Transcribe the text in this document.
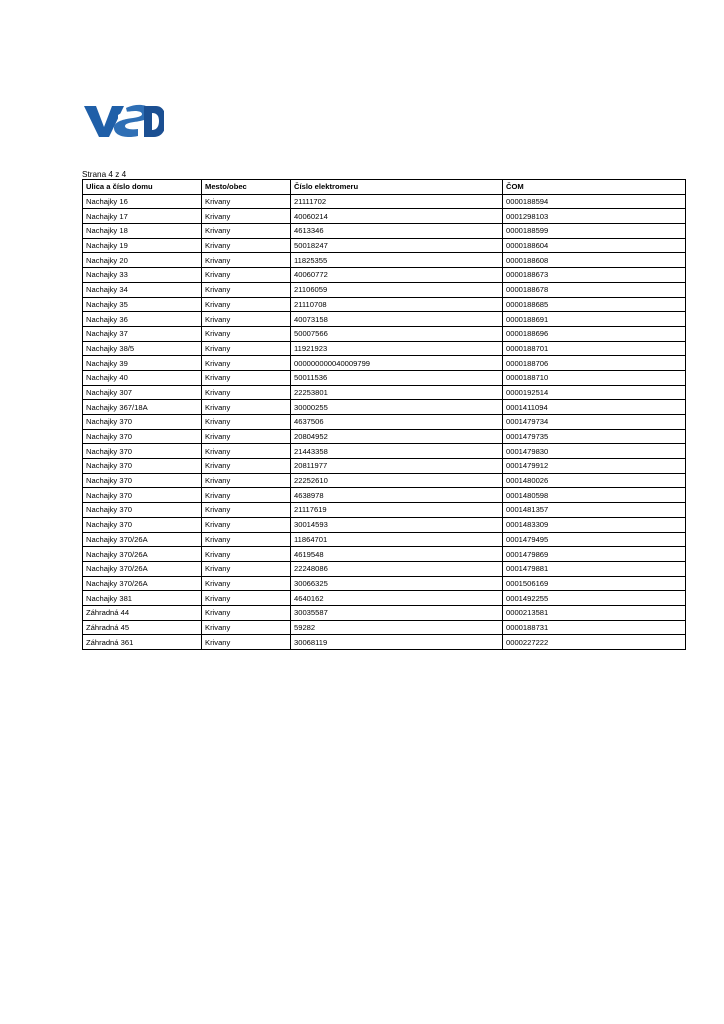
Strana 4 z 4
Ulica a číslo domu	Mesto/obec	Číslo elektromeru	ČOM
Nachajky 16	Krivany	21111702	0000188594
Nachajky 17	Krivany	40060214	0001298103
Nachajky 18	Krivany	4613346	0000188599
Nachajky 19	Krivany	50018247	0000188604
Nachajky 20	Krivany	11825355	0000188608
Nachajky 33	Krivany	40060772	0000188673
Nachajky 34	Krivany	21106059	0000188678
Nachajky 35	Krivany	21110708	0000188685
Nachajky 36	Krivany	40073158	0000188691
Nachajky 37	Krivany	50007566	0000188696
Nachajky 38/5	Krivany	11921923	0000188701
Nachajky 39	Krivany	000000000040009799	0000188706
Nachajky 40	Krivany	50011536	0000188710
Nachajky 307	Krivany	22253801	0000192514
Nachajky 367/18A	Krivany	30000255	0001411094
Nachajky 370	Krivany	4637506	0001479734
Nachajky 370	Krivany	20804952	0001479735
Nachajky 370	Krivany	21443358	0001479830
Nachajky 370	Krivany	20811977	0001479912
Nachajky 370	Krivany	22252610	0001480026
Nachajky 370	Krivany	4638978	0001480598
Nachajky 370	Krivany	21117619	0001481357
Nachajky 370	Krivany	30014593	0001483309
Nachajky 370/26A	Krivany	11864701	0001479495
Nachajky 370/26A	Krivany	4619548	0001479869
Nachajky 370/26A	Krivany	22248086	0001479881
Nachajky 370/26A	Krivany	30066325	0001506169
Nachajky 381	Krivany	4640162	0001492255
Záhradná 44	Krivany	30035587	0000213581
Záhradná 45	Krivany	59282	0000188731
Záhradná 361	Krivany	30068119	0000227222
